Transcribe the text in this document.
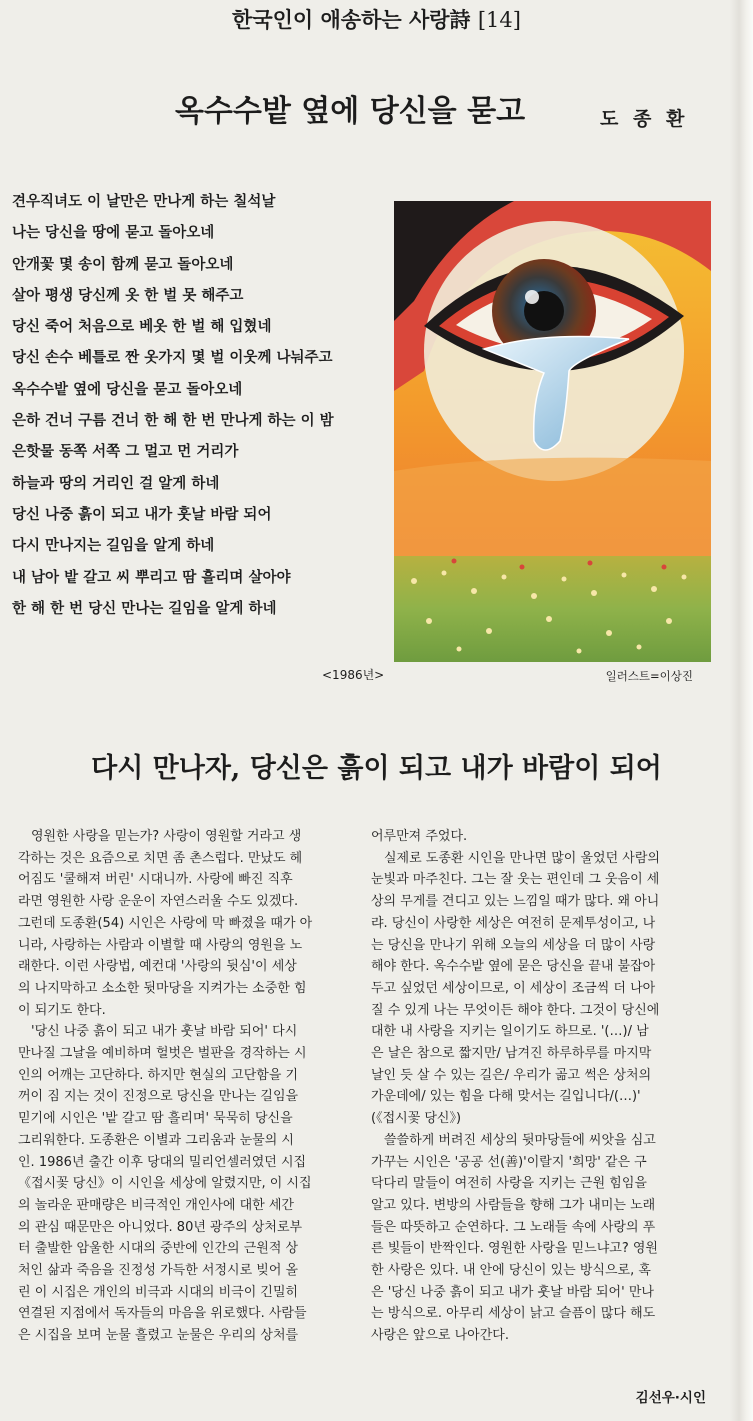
한국인이 애송하는 사랑詩 [14]
옥수수밭 옆에 당신을 묻고	도 종 환
견우직녀도 이 날만은 만나게 하는 칠석날
나는 당신을 땅에 묻고 돌아오네
안개꽃 몇 송이 함께 묻고 돌아오네
살아 평생 당신께 옷 한 벌 못 해주고
당신 죽어 처음으로 베옷 한 벌 해 입혔네
당신 손수 베틀로 짠 옷가지 몇 벌 이웃께 나눠주고
옥수수밭 옆에 당신을 묻고 돌아오네
은하 건너 구름 건너 한 해 한 번 만나게 하는 이 밤
은핫물 동쪽 서쪽 그 멀고 먼 거리가
하늘과 땅의 거리인 걸 알게 하네
당신 나중 흙이 되고 내가 훗날 바람 되어
다시 만나지는 길임을 알게 하네
내 남아 밭 갈고 씨 뿌리고 땀 흘리며 살아야
한 해 한 번 당신 만나는 길임을 알게 하네
<1986년>	일러스트=이상진
다시 만나자, 당신은 흙이 되고 내가 바람이 되어

　영원한 사랑을 믿는가? 사랑이 영원할 거라고 생

각하는 것은 요즘으로 치면 좀 촌스럽다. 만났도 헤

어짐도 '쿨해져 버린' 시대니까. 사랑에 빠진 직후

라면 영원한 사랑 운운이 자연스러울 수도 있겠다.

그런데 도종환(54) 시인은 사랑에 막 빠졌을 때가 아

니라, 사랑하는 사람과 이별할 때 사랑의 영원을 노

래한다. 이런 사랑법, 예컨대 '사랑의 뒷심'이 세상

의 나지막하고 소소한 뒷마당을 지켜가는 소중한 힘

이 되기도 한다.

　'당신 나중 흙이 되고 내가 훗날 바람 되어' 다시

만나질 그날을 예비하며 헐벗은 벌판을 경작하는 시

인의 어깨는 고단하다. 하지만 현실의 고단함을 기

꺼이 짐 지는 것이 진정으로 당신을 만나는 길임을

믿기에 시인은 '밭 갈고 땀 흘리며' 묵묵히 당신을

그리워한다. 도종환은 이별과 그리움과 눈물의 시

인. 1986년 출간 이후 당대의 밀리언셀러였던 시집

《접시꽃 당신》이 시인을 세상에 알렸지만, 이 시집

의 놀라운 판매량은 비극적인 개인사에 대한 세간

의 관심 때문만은 아니었다. 80년 광주의 상처로부

터 출발한 암울한 시대의 중반에 인간의 근원적 상

처인 삶과 죽음을 진정성 가득한 서정시로 빚어 올

린 이 시집은 개인의 비극과 시대의 비극이 긴밀히

연결된 지점에서 독자들의 마음을 위로했다. 사람들

은 시집을 보며 눈물 흘렸고 눈물은 우리의 상처를

어루만져 주었다.

　실제로 도종환 시인을 만나면 많이 울었던 사람의

눈빛과 마주친다. 그는 잘 웃는 편인데 그 웃음이 세

상의 무게를 견디고 있는 느낌일 때가 많다. 왜 아니

랴. 당신이 사랑한 세상은 여전히 문제투성이고, 나

는 당신을 만나기 위해 오늘의 세상을 더 많이 사랑

해야 한다. 옥수수밭 옆에 묻은 당신을 끝내 불잡아

두고 싶었던 세상이므로, 이 세상이 조금씩 더 나아

질 수 있게 나는 무엇이든 해야 한다. 그것이 당신에

대한 내 사랑을 지키는 일이기도 하므로. '(…)/ 남

은 날은 참으로 짧지만/ 남겨진 하루하루를 마지막

날인 듯 살 수 있는 길은/ 우리가 곪고 썩은 상처의

가운데에/ 있는 힘을 다해 맞서는 길입니다/(…)'

(《접시꽃 당신》)

　쓸쓸하게 버려진 세상의 뒷마당들에 씨앗을 심고

가꾸는 시인은 '공공 선(善)'이랄지 '희망' 같은 구

닥다리 말들이 여전히 사랑을 지키는 근원 힘임을

알고 있다. 변방의 사람들을 향해 그가 내미는 노래

들은 따뜻하고 순연하다. 그 노래들 속에 사랑의 푸

른 빛들이 반짝인다. 영원한 사랑을 믿느냐고? 영원

한 사랑은 있다. 내 안에 당신이 있는 방식으로, 혹

은 '당신 나중 흙이 되고 내가 훗날 바람 되어' 만나

는 방식으로. 아무리 세상이 낡고 슬픔이 많다 해도

사랑은 앞으로 나아간다.

김선우·시인
